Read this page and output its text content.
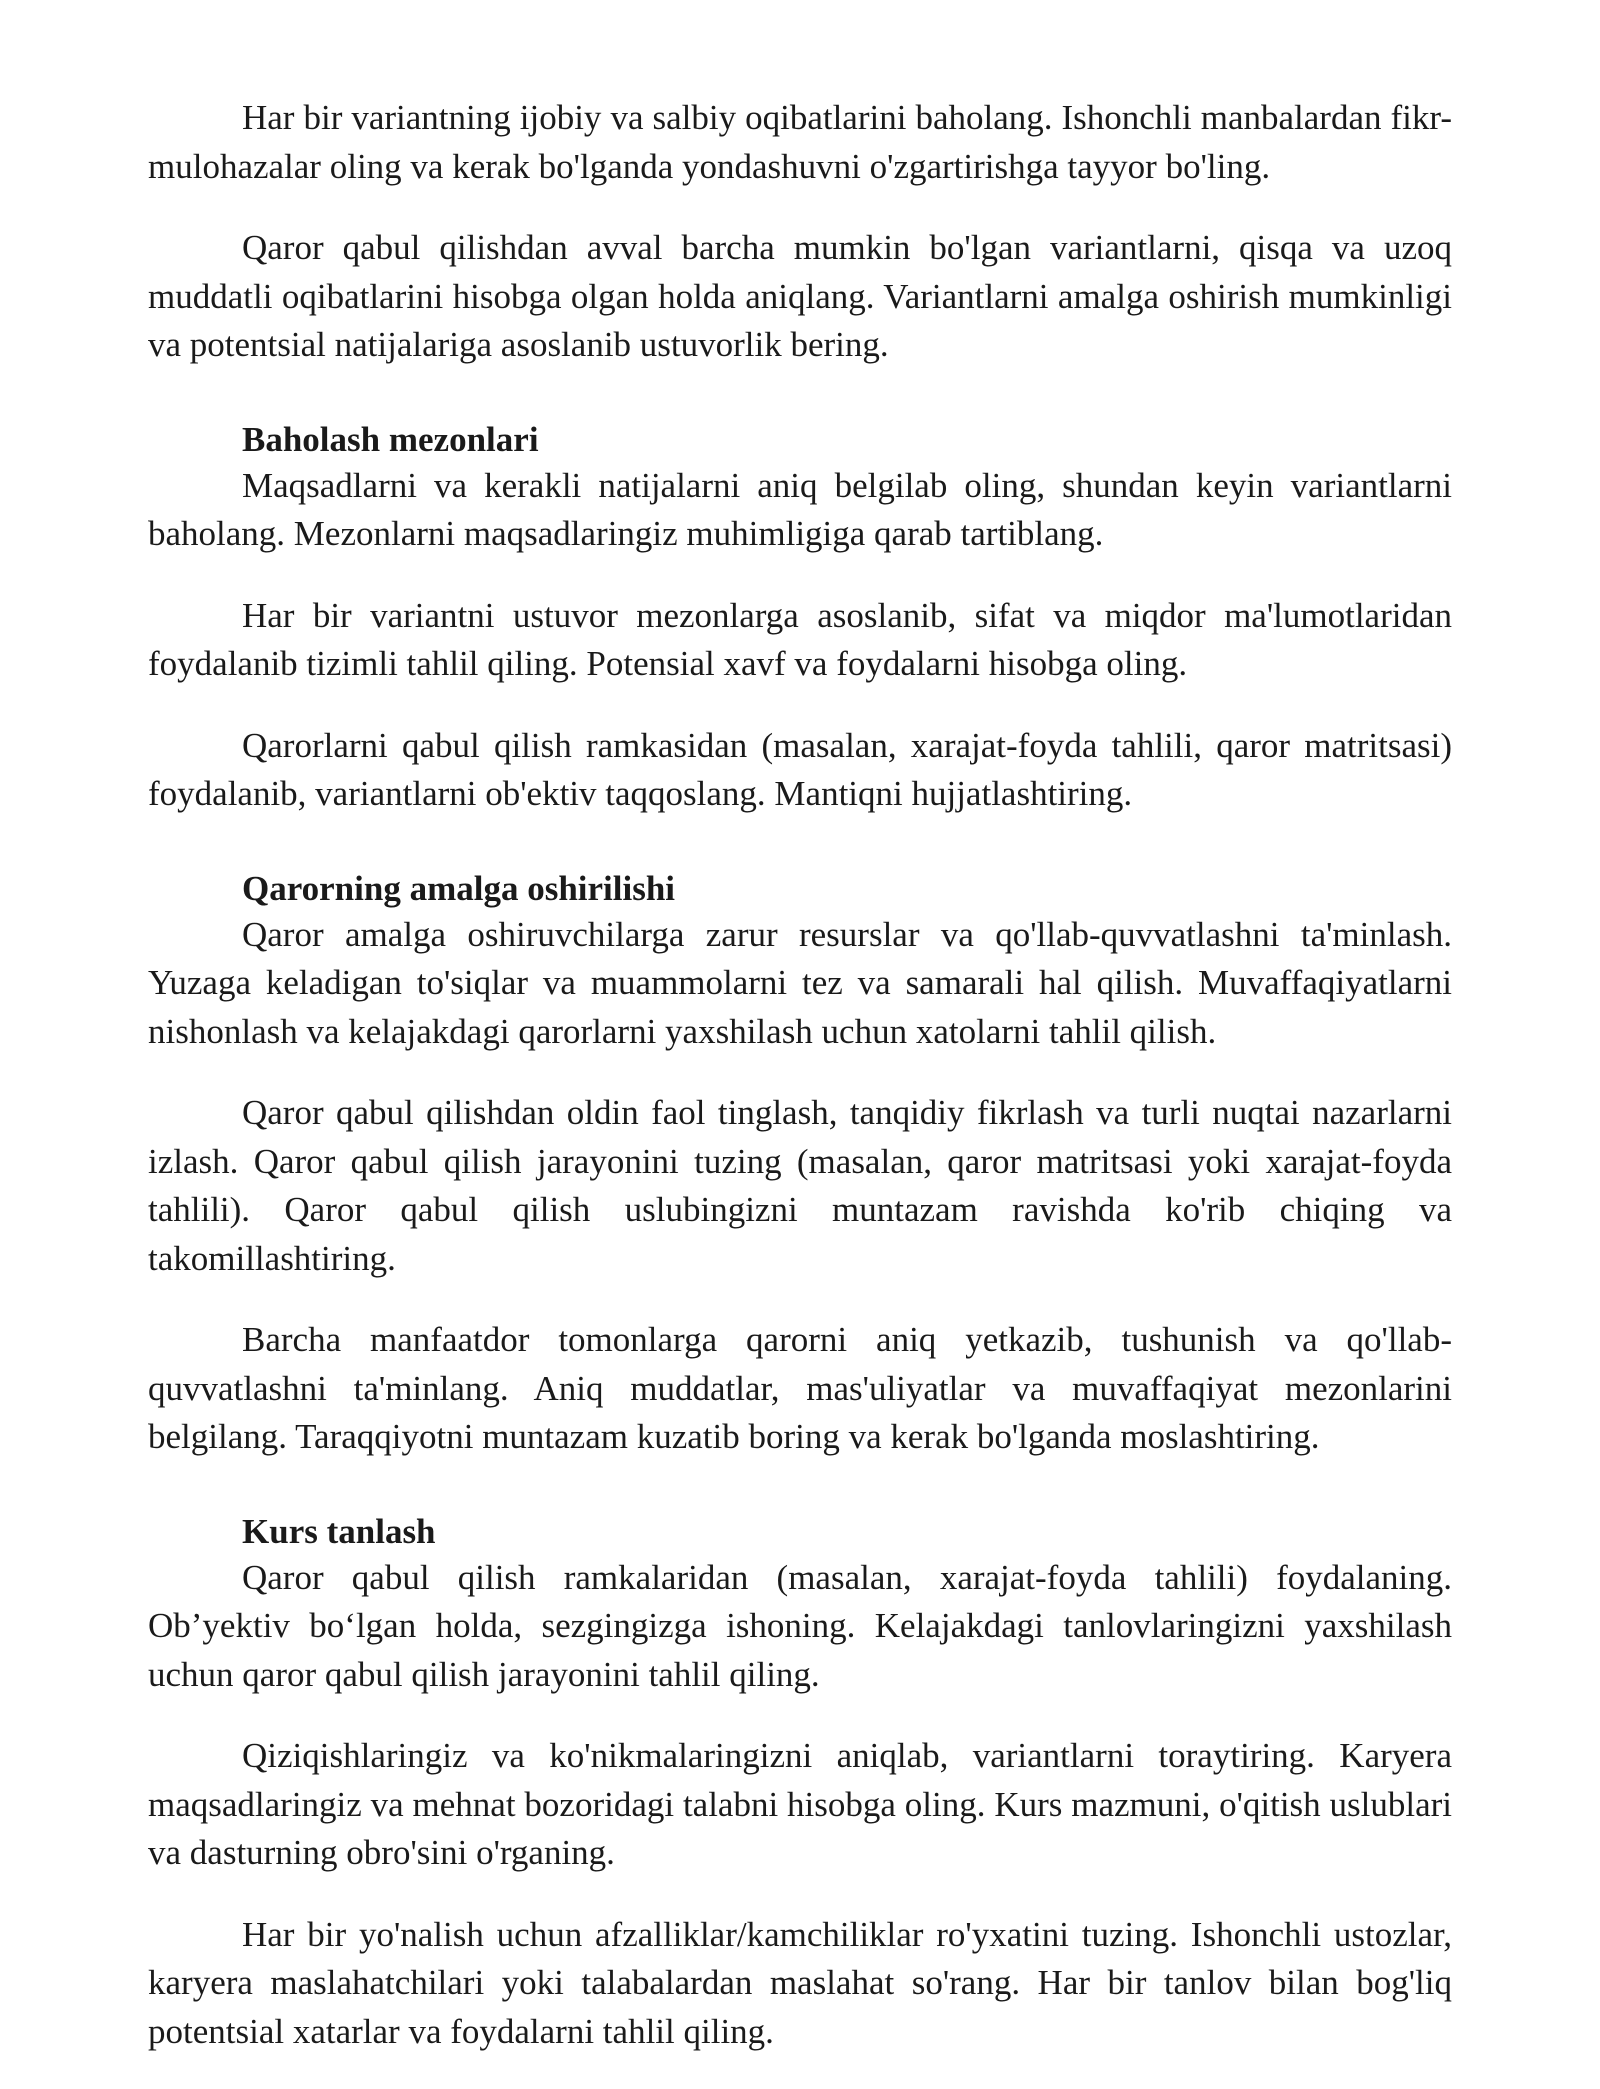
Har bir variantning ijobiy va salbiy oqibatlarini baholang. Ishonchli manbalardan fikr-mulohazalar oling va kerak bo'lganda yondashuvni o'zgartirishga tayyor bo'ling.

Qaror qabul qilishdan avval barcha mumkin bo'lgan variantlarni, qisqa va uzoq muddatli oqibatlarini hisobga olgan holda aniqlang. Variantlarni amalga oshirish mumkinligi va potentsial natijalariga asoslanib ustuvorlik bering.

Baholash mezonlari

Maqsadlarni va kerakli natijalarni aniq belgilab oling, shundan keyin variantlarni baholang. Mezonlarni maqsadlaringiz muhimligiga qarab tartiblang.

Har bir variantni ustuvor mezonlarga asoslanib, sifat va miqdor ma'lumotlaridan foydalanib tizimli tahlil qiling. Potensial xavf va foydalarni hisobga oling.

Qarorlarni qabul qilish ramkasidan (masalan, xarajat-foyda tahlili, qaror matritsasi) foydalanib, variantlarni ob'ektiv taqqoslang. Mantiqni hujjatlashtiring.

Qarorning amalga oshirilishi

Qaror amalga oshiruvchilarga zarur resurslar va qo'llab-quvvatlashni ta'minlash. Yuzaga keladigan to'siqlar va muammolarni tez va samarali hal qilish. Muvaffaqiyatlarni nishonlash va kelajakdagi qarorlarni yaxshilash uchun xatolarni tahlil qilish.

Qaror qabul qilishdan oldin faol tinglash, tanqidiy fikrlash va turli nuqtai nazarlarni izlash. Qaror qabul qilish jarayonini tuzing (masalan, qaror matritsasi yoki xarajat-foyda tahlili). Qaror qabul qilish uslubingizni muntazam ravishda ko'rib chiqing va takomillashtiring.

Barcha manfaatdor tomonlarga qarorni aniq yetkazib, tushunish va qo'llab-quvvatlashni ta'minlang. Aniq muddatlar, mas'uliyatlar va muvaffaqiyat mezonlarini belgilang. Taraqqiyotni muntazam kuzatib boring va kerak bo'lganda moslashtiring.

Kurs tanlash

Qaror qabul qilish ramkalaridan (masalan, xarajat-foyda tahlili) foydalaning. Ob’yektiv bo‘lgan holda, sezgingizga ishoning. Kelajakdagi tanlovlaringizni yaxshilash uchun qaror qabul qilish jarayonini tahlil qiling.

Qiziqishlaringiz va ko'nikmalaringizni aniqlab, variantlarni toraytiring. Karyera maqsadlaringiz va mehnat bozoridagi talabni hisobga oling. Kurs mazmuni, o'qitish uslublari va dasturning obro'sini o'rganing.

Har bir yo'nalish uchun afzalliklar/kamchiliklar ro'yxatini tuzing. Ishonchli ustozlar, karyera maslahatchilari yoki talabalardan maslahat so'rang. Har bir tanlov bilan bog'liq potentsial xatarlar va foydalarni tahlil qiling.
